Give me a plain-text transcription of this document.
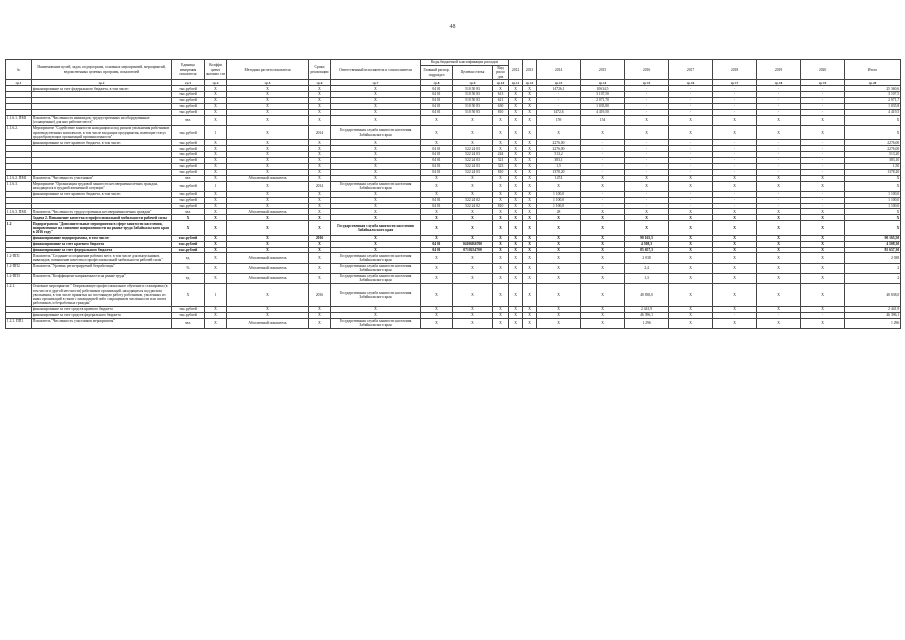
48
№	Наименование целей, задач, подпрограмм, основных мероприятий, мероприятий, ведомственных целевых программ, показателей	Единица измерения показателя	Коэффи циент значимо сти	Методика расчета показателя	Сроки реализации	Ответственный исполнитель и соисполнители	Коды бюджетной классификации расходов			2012	2013	2014	2015	2016	2017	2018	2019	2020	Итого
							Главный распор. подраздел	Целевая статья	Вид расхо дов										

гр.1	гр.2	гр.3	гр.4	гр.5	гр.6	гр.7	гр.8	гр.9	гр.10	гр.11	гр.12	гр.13	гр.14	гр.15	гр.16	гр.17	гр.18	гр.19	гр.20
	финансирование за счет федерального бюджета, в том числе:	тыс.рублей	X	X	X	X	04 01	510 50 83	X	X	X	14726,1	10634,5	-	-	-	-	-	25 360,6
		тыс.рублей	X	X	X	X	04 01	510 50 83	613	X	X	-	3 107,50	-	-	-	-	-	3 107,5
		тыс.рублей	X	X	X	X	04 01	510 50 83	621	X	X	-	2 071,70	-	-	-	-	-	2 071,7
		тыс.рублей	X	X	X	X	04 01	510 50 83	630	X	X	-	1 035,80	-	-	-	-	-	1 035,8
		тыс.рублей	X	X	X	X	04 01	510 50 83	810	X	X	1472,6	4 419,50	-	-	-	-	-	4 419,5
1.1.6.1. ПМ1	Показатель "Численность инвалидов, трудоустроенных на оборудованные (оснащенные) для них рабочие места"	чел.	X	X	X	X	X	X	X	X	X	159	154	X	X	X	X	X	X
1.1.6.2.	Мероприятие "Содействие занятости находящихся под риском увольнения работников производственных комплексов, в том числе входящих предприятия, имеющие статус градообразующих организаций промышленности"	тыс.рублей	1	X	2014	Государственная служба занятости населения Забайкальского края	X	X	X	X	X	X	X	X	X	X	X	X	X
	финансирование за счет краевого бюджета, в том числе:	тыс.рублей	X	X	X	X	X	X	X	X	X	2276,00	-	-	-	-	-	-	2276,00
		тыс.рублей	X	X	X	X	04 01	522 24 03	X	X	X	2276,00	-	-	-	-	-	-	2276,00
		тыс.рублей	X	X	X	X	04 01	522 24 03	244	X	X	513,2	-	-	-	-	-	-	513,20
		тыс.рублей	X	X	X	X	04 01	522 24 03	321	X	X	383,1	-	-	-	-	-	-	383,10
		тыс.рублей	X	X	X	X	04 01	522 24 03	323	X	X	1,5	-	-	-	-	-	-	1,50
		тыс.рублей	X	X	X	X	04 01	522 24 03	810	X	X	1378,20	-	-	-	-	-	-	1378,20
1.1.6.2. ПМ1	Показатель "Численность участников"	чел.	X	Абсолютный показатель	X	X	X	X	X	X	X	1474	X	X	X	X	X	X	X
1.1.6.3.	Мероприятие "Организация трудовой занятости несовершеннолетних граждан, находящихся в трудной жизненной ситуации"	тыс.рублей	1	X	2014	Государственная служба занятости населения Забайкальского края	X	X	X	X	X	X	X	X	X	X	X	X	X
	финансирование за счет краевого бюджета, в том числе:	тыс.рублей	X	X	X	X	X	X	X	X	X	1 100,0	-	-	-	-	-	-	1 100,0
		тыс.рублей	X	X	X	X	04 01	522 24 02	X	X	X	1 100,0	-	-	-	-	-	-	1 100,0
		тыс.рублей	X	X	X	X	04 01	522 24 02	810	X	X	1 100,0	-	-	-	-	-	-	1 100,0
1.1.6.3. ПМ1	Показатель "Численность трудоустроенных несовершеннолетних граждан"	чел.	X	Абсолютный показатель	X	X	X	X	X	X	X	28	X	X	X	X	X	X	X
	Задача 2. Повышение качества и профессиональной мобильности рабочей силы	X	X	X	X	X	X	X	X	X	X	X	X	X	X	X	X	X	X
1.2	Подпрограмма "Дополнительные мероприятия в сфере занятости населения, направленные на снижение напряженности на рынке труда Забайкальского края в 2016 году"	X	X	X	X	Государственная служба занятости населения Забайкальского края	X	X	X	X	X	X	X	X	X	X	X	X	X
	финансирование подпрограммы, в том числе:	тыс.рублей	X	X	2016	X	X	X	X	X	X	X	X	90 165,5	X	X	X	X	90 165,50
	финансирование за счет краевого бюджета	тыс.рублей	X	X	X	X	04 01	04106R6700	X	X	X	X	X	4 508,3	X	X	X	X	4 508,30
	финансирование за счет федерального бюджета	тыс.рублей	X	X	X	X	04 01	0710254700	X	X	X	X	X	85 657,3	X	X	X	X	85 657,30
1.2-ПП1	Показатель "Создание и сохранение рабочих мест, в том числе для выпускников, инвалидов, повышение качества и профессиональной мобильности рабочей силы"	ед.	X	Абсолютный показатель	X	Государственная служба занятости населения Забайкальского края	X	X	X	X	X	X	X	2 038	X	X	X	X	2 038
1.2-ПП2	Показатель "Уровень регистрируемой безработицы"	%	X	Абсолютный показатель	X	Государственная служба занятости населения Забайкальского края	X	X	X	X	X	X	X	2,4	X	X	X	X	2
1.2-ПП3	Показатель "Коэффициент напряженности на рынке труда"	ед.	X	Абсолютный показатель	X	Государственная служба занятости населения Забайкальского края	X	X	X	X	X	X	X	1,3	X	X	X	X	2
1.2.1.	Основное мероприятие " Опережающее профессиональное обучение и стажировка (в том числе в другой местности) работников организаций, находящихся под риском увольнения, в том числе принятых на постоянную работу работников, уволенных из иных организаций в связи с ликвидацией либо сокращением численности или штата работников, и безработных граждан"	X	1	X	2016	Государственная служба занятости населения Забайкальского края	X	X	X	X	X	X	X	48 838,0	X	X	X	X	48 838,0
	финансирование за счет средств краевого бюджета	тыс.рублей	X	X	X	X	X	X	X	X	X	X	X	2 441,9	X	X	X	X	2 441,9
	финансирование за счет средств федерального бюджета	тыс.рублей	X	X	X	X	X	X	X	X	X	X	X	46 396,1	X	-	-	-	46 396,1
1.2.1. ПП1	Показатель "Численность участников мероприятия"	чел.	X	Абсолютный показатель	X	Государственная служба занятости населения Забайкальского края	X	X	X	X	X	X	X	1 296	X	X	X	X	1 296
